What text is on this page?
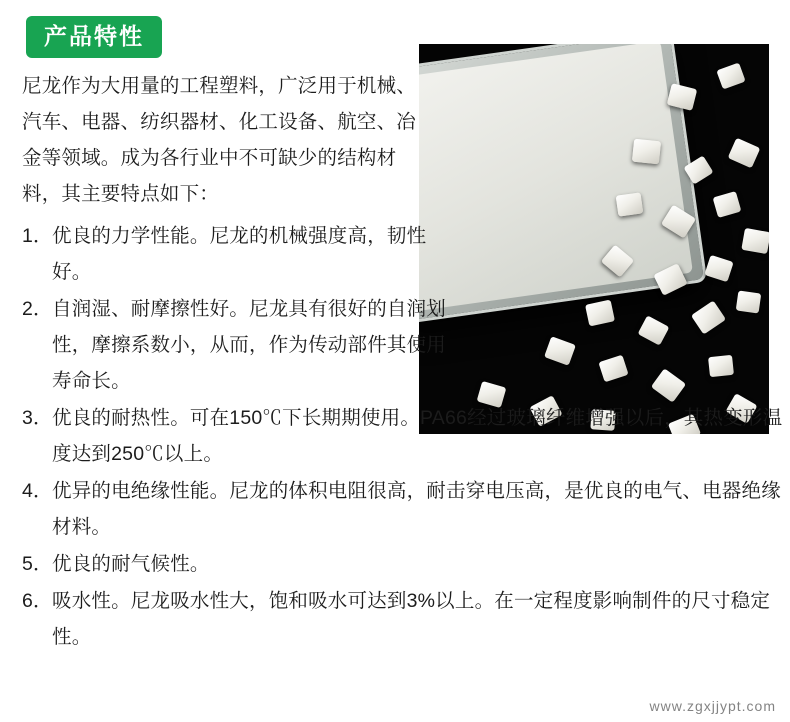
产品特性

尼龙作为大用量的工程塑料，广泛用于机械、汽车、电器、纺织器材、化工设备、航空、冶金等领域。成为各行业中不可缺少的结构材料，其主要特点如下：

1． 优良的力学性能。尼龙的机械强度高，韧性好。
2． 自润湿、耐摩擦性好。尼龙具有很好的自润划性，摩擦系数小，从而，作为传动部件其使用寿命长。
3． 优良的耐热性。可在150℃下长期期使用。PA66经过玻璃纤维增强以后，其热变形温度达到250℃以上。
4． 优异的电绝缘性能。尼龙的体积电阻很高，耐击穿电压高，是优良的电气、电器绝缘材料。
5． 优良的耐气候性。
6． 吸水性。尼龙吸水性大，饱和吸水可达到3%以上。在一定程度影响制件的尺寸稳定性。
www.zgxjjypt.com
